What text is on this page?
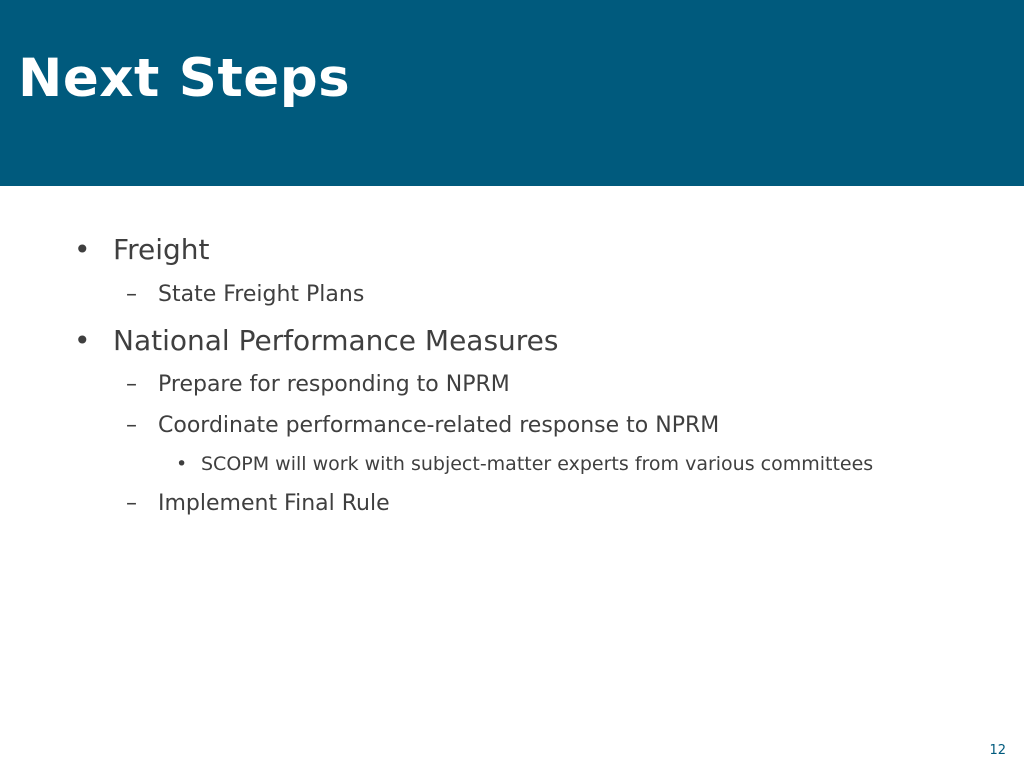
Next Steps
• Freight
– State Freight Plans
• National Performance Measures
– Prepare for responding to NPRM
– Coordinate performance-related response to NPRM
• SCOPM will work with subject-matter experts from various committees
– Implement Final Rule
12
